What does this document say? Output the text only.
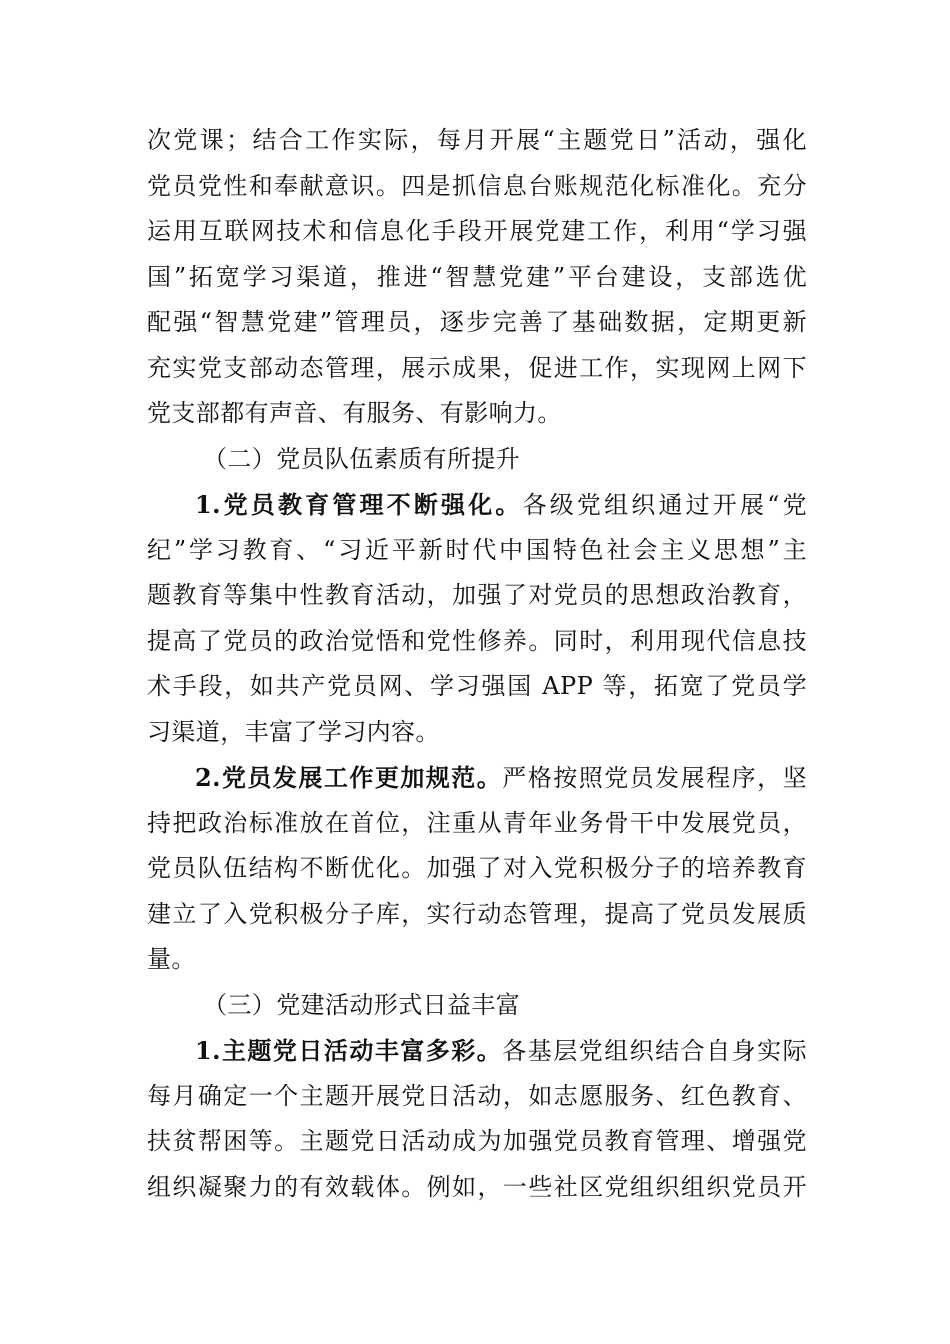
次党课；结合工作实际，每月开展“主题党日”活动，强化
党员党性和奉献意识。四是抓信息台账规范化标准化。充分
运用互联网技术和信息化手段开展党建工作，利用“学习强
国”拓宽学习渠道，推进“智慧党建”平台建设，支部选优
配强“智慧党建”管理员，逐步完善了基础数据，定期更新
充实党支部动态管理，展示成果，促进工作，实现网上网下
党支部都有声音、有服务、有影响力。
（二）党员队伍素质有所提升
1.党员教育管理不断强化。各级党组织通过开展“党
纪”学习教育、“习近平新时代中国特色社会主义思想”主
题教育等集中性教育活动，加强了对党员的思想政治教育，
提高了党员的政治觉悟和党性修养。同时，利用现代信息技
术手段，如共产党员网、学习强国 APP 等，拓宽了党员学
习渠道，丰富了学习内容。
2.党员发展工作更加规范。严格按照党员发展程序，坚
持把政治标准放在首位，注重从青年业务骨干中发展党员，
党员队伍结构不断优化。加强了对入党积极分子的培养教育
建立了入党积极分子库，实行动态管理，提高了党员发展质
量。
（三）党建活动形式日益丰富
1.主题党日活动丰富多彩。各基层党组织结合自身实际
每月确定一个主题开展党日活动，如志愿服务、红色教育、
扶贫帮困等。主题党日活动成为加强党员教育管理、增强党
组织凝聚力的有效载体。例如，一些社区党组织组织党员开
